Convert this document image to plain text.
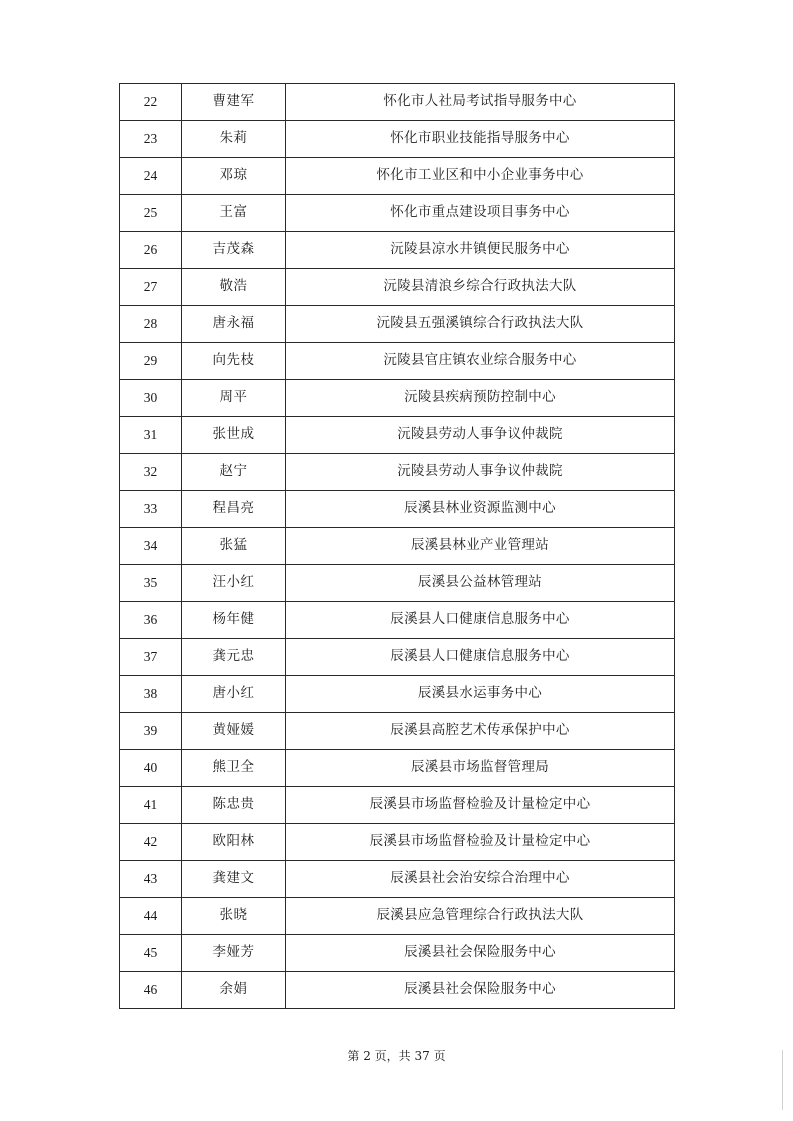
22	曹建军	怀化市人社局考试指导服务中心
23	朱莉	怀化市职业技能指导服务中心
24	邓琼	怀化市工业区和中小企业事务中心
25	王富	怀化市重点建设项目事务中心
26	吉茂森	沅陵县凉水井镇便民服务中心
27	敬浩	沅陵县清浪乡综合行政执法大队
28	唐永福	沅陵县五强溪镇综合行政执法大队
29	向先枝	沅陵县官庄镇农业综合服务中心
30	周平	沅陵县疾病预防控制中心
31	张世成	沅陵县劳动人事争议仲裁院
32	赵宁	沅陵县劳动人事争议仲裁院
33	程昌亮	辰溪县林业资源监测中心
34	张猛	辰溪县林业产业管理站
35	汪小红	辰溪县公益林管理站
36	杨年健	辰溪县人口健康信息服务中心
37	龚元忠	辰溪县人口健康信息服务中心
38	唐小红	辰溪县水运事务中心
39	黄娅媛	辰溪县高腔艺术传承保护中心
40	熊卫全	辰溪县市场监督管理局
41	陈忠贵	辰溪县市场监督检验及计量检定中心
42	欧阳林	辰溪县市场监督检验及计量检定中心
43	龚建文	辰溪县社会治安综合治理中心
44	张晓	辰溪县应急管理综合行政执法大队
45	李娅芳	辰溪县社会保险服务中心
46	余娟	辰溪县社会保险服务中心
第 2 页，共 37 页
